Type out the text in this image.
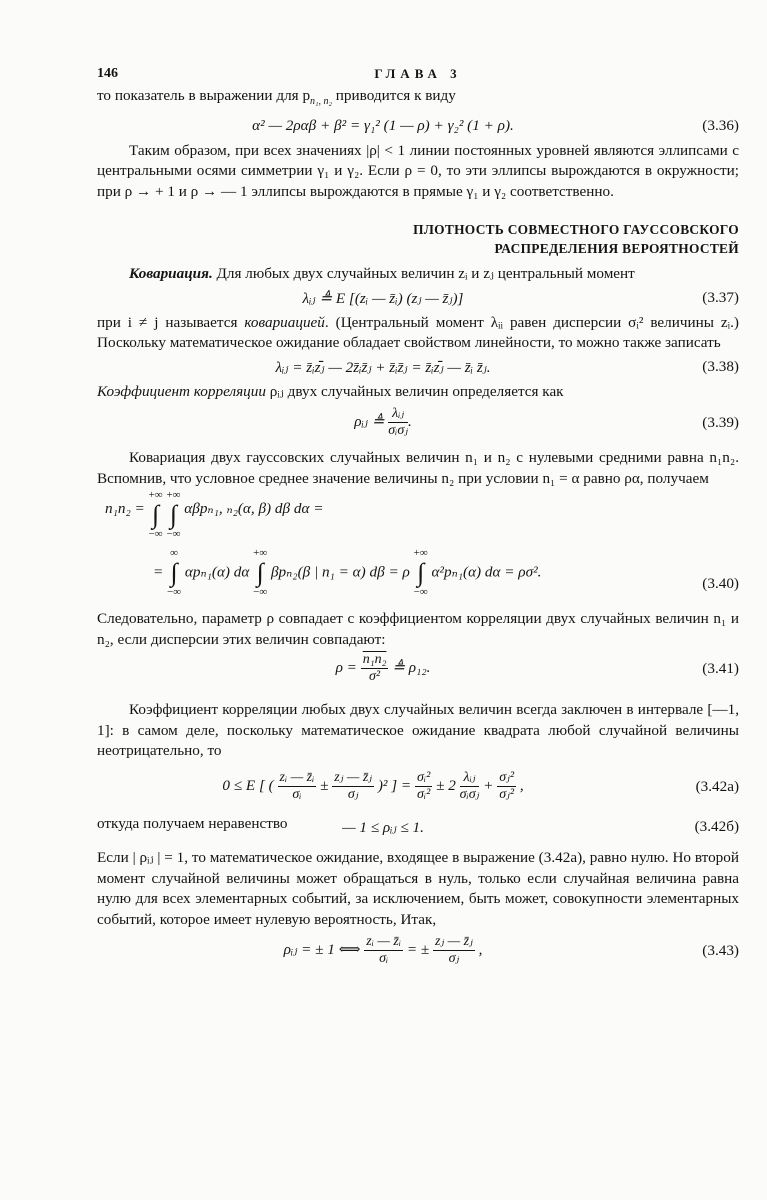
146	ГЛАВА 3

то показатель в выражении для $p_{n_1, n_2}$ приводится к виду

α² — 2ραβ + β² = γ₁² (1 — ρ) + γ₂² (1 + ρ).	(3.36)

Таким образом, при всех значениях |ρ| < 1 линии постоянных уровней являются эллипсами с центральными осями симметрии γ₁ и γ₂. Если ρ = 0, то эти эллипсы вырождаются в окружности; при ρ → + 1 и ρ → — 1 эллипсы вырождаются в прямые γ₁ и γ₂ соответственно.

ПЛОТНОСТЬ СОВМЕСТНОГО ГАУССОВСКОГО
РАСПРЕДЕЛЕНИЯ ВЕРОЯТНОСТЕЙ

Ковариация. Для любых двух случайных величин zᵢ и zⱼ центральный момент

λᵢⱼ ≜ E [(zᵢ — z̄ᵢ) (zⱼ — z̄ⱼ)]	(3.37)

при i ≠ j называется ковариацией. (Центральный момент λᵢᵢ равен дисперсии σᵢ² величины zᵢ.) Поскольку математическое ожидание обладает свойством линейности, то можно также записать

λᵢⱼ = z̄ᵢzⱼ̄ — 2z̄ᵢz̄ⱼ + z̄ᵢz̄ⱼ = z̄ᵢzⱼ̄ — z̄ᵢ z̄ⱼ.	(3.38)

Коэффициент корреляции ρᵢⱼ двух случайных величин определяется как

ρᵢⱼ ≜ $\frac{\text{λᵢⱼ}}{\text{σᵢσⱼ}}$ .	(3.39)

Ковариация двух гауссовских случайных величин n₁ и n₂ с нулевыми средними равна n₁n₂. Вспомнив, что условное среднее значение величины n₂ при условии n₁ = α равно ρα, получаем

n₁n₂ =
+∞
∫
−∞

+∞
∫
−∞
αβpₙ₁, ₙ₂(α, β) dβ dα =
=
∞
∫
−∞
αpₙ₁(α) dα
+∞
∫
−∞
βpₙ₂(β | n₁ = α) dβ = ρ
+∞
∫
−∞
α²pₙ₁(α) dα = ρσ².
(3.40)

Следовательно, параметр ρ совпадает с коэффициентом корреляции двух случайных величин n₁ и n₂, если дисперсии этих величин совпадают:

$\rho = \frac{\text{n₁n₂}}{\text{σ²}}$ ≜ ρ₁₂.	(3.41)

Коэффициент корреляции любых двух случайных величин всегда заключен в интервале [—1, 1]: в самом деле, поскольку математическое ожидание квадрата любой случайной величины неотрицательно, то

0 ≤ E [ ( $\frac{\text{zᵢ — z̄ᵢ}}{\text{σᵢ}} \pm \frac{\text{zⱼ — z̄ⱼ}}{\text{σⱼ}} )^2$ ] = $\frac{\text{σᵢ²}}{\text{σᵢ²}} \pm 2 \frac{\text{λᵢⱼ}}{\text{σᵢσⱼ}} + \frac{\text{σⱼ²}}{\text{σⱼ²}}$ ,	(3.42а)

откуда получаем неравенство	— 1 ≤ ρᵢⱼ ≤ 1.	(3.42б)

Если | ρᵢⱼ | = 1, то математическое ожидание, входящее в выражение (3.42а), равно нулю. Но второй момент случайной величины может обращаться в нуль, только если случайная величина равна нулю для всех элементарных событий, за исключением, быть может, совокупности элементарных событий, которое имеет нулевую вероятность, Итак,

ρᵢⱼ = ± 1 ⟺ $\frac{\text{zᵢ — z̄ᵢ}}{\text{σᵢ}}$ = ± $\frac{\text{zⱼ — z̄ⱼ}}{\text{σⱼ}}$ ,	(3.43)
